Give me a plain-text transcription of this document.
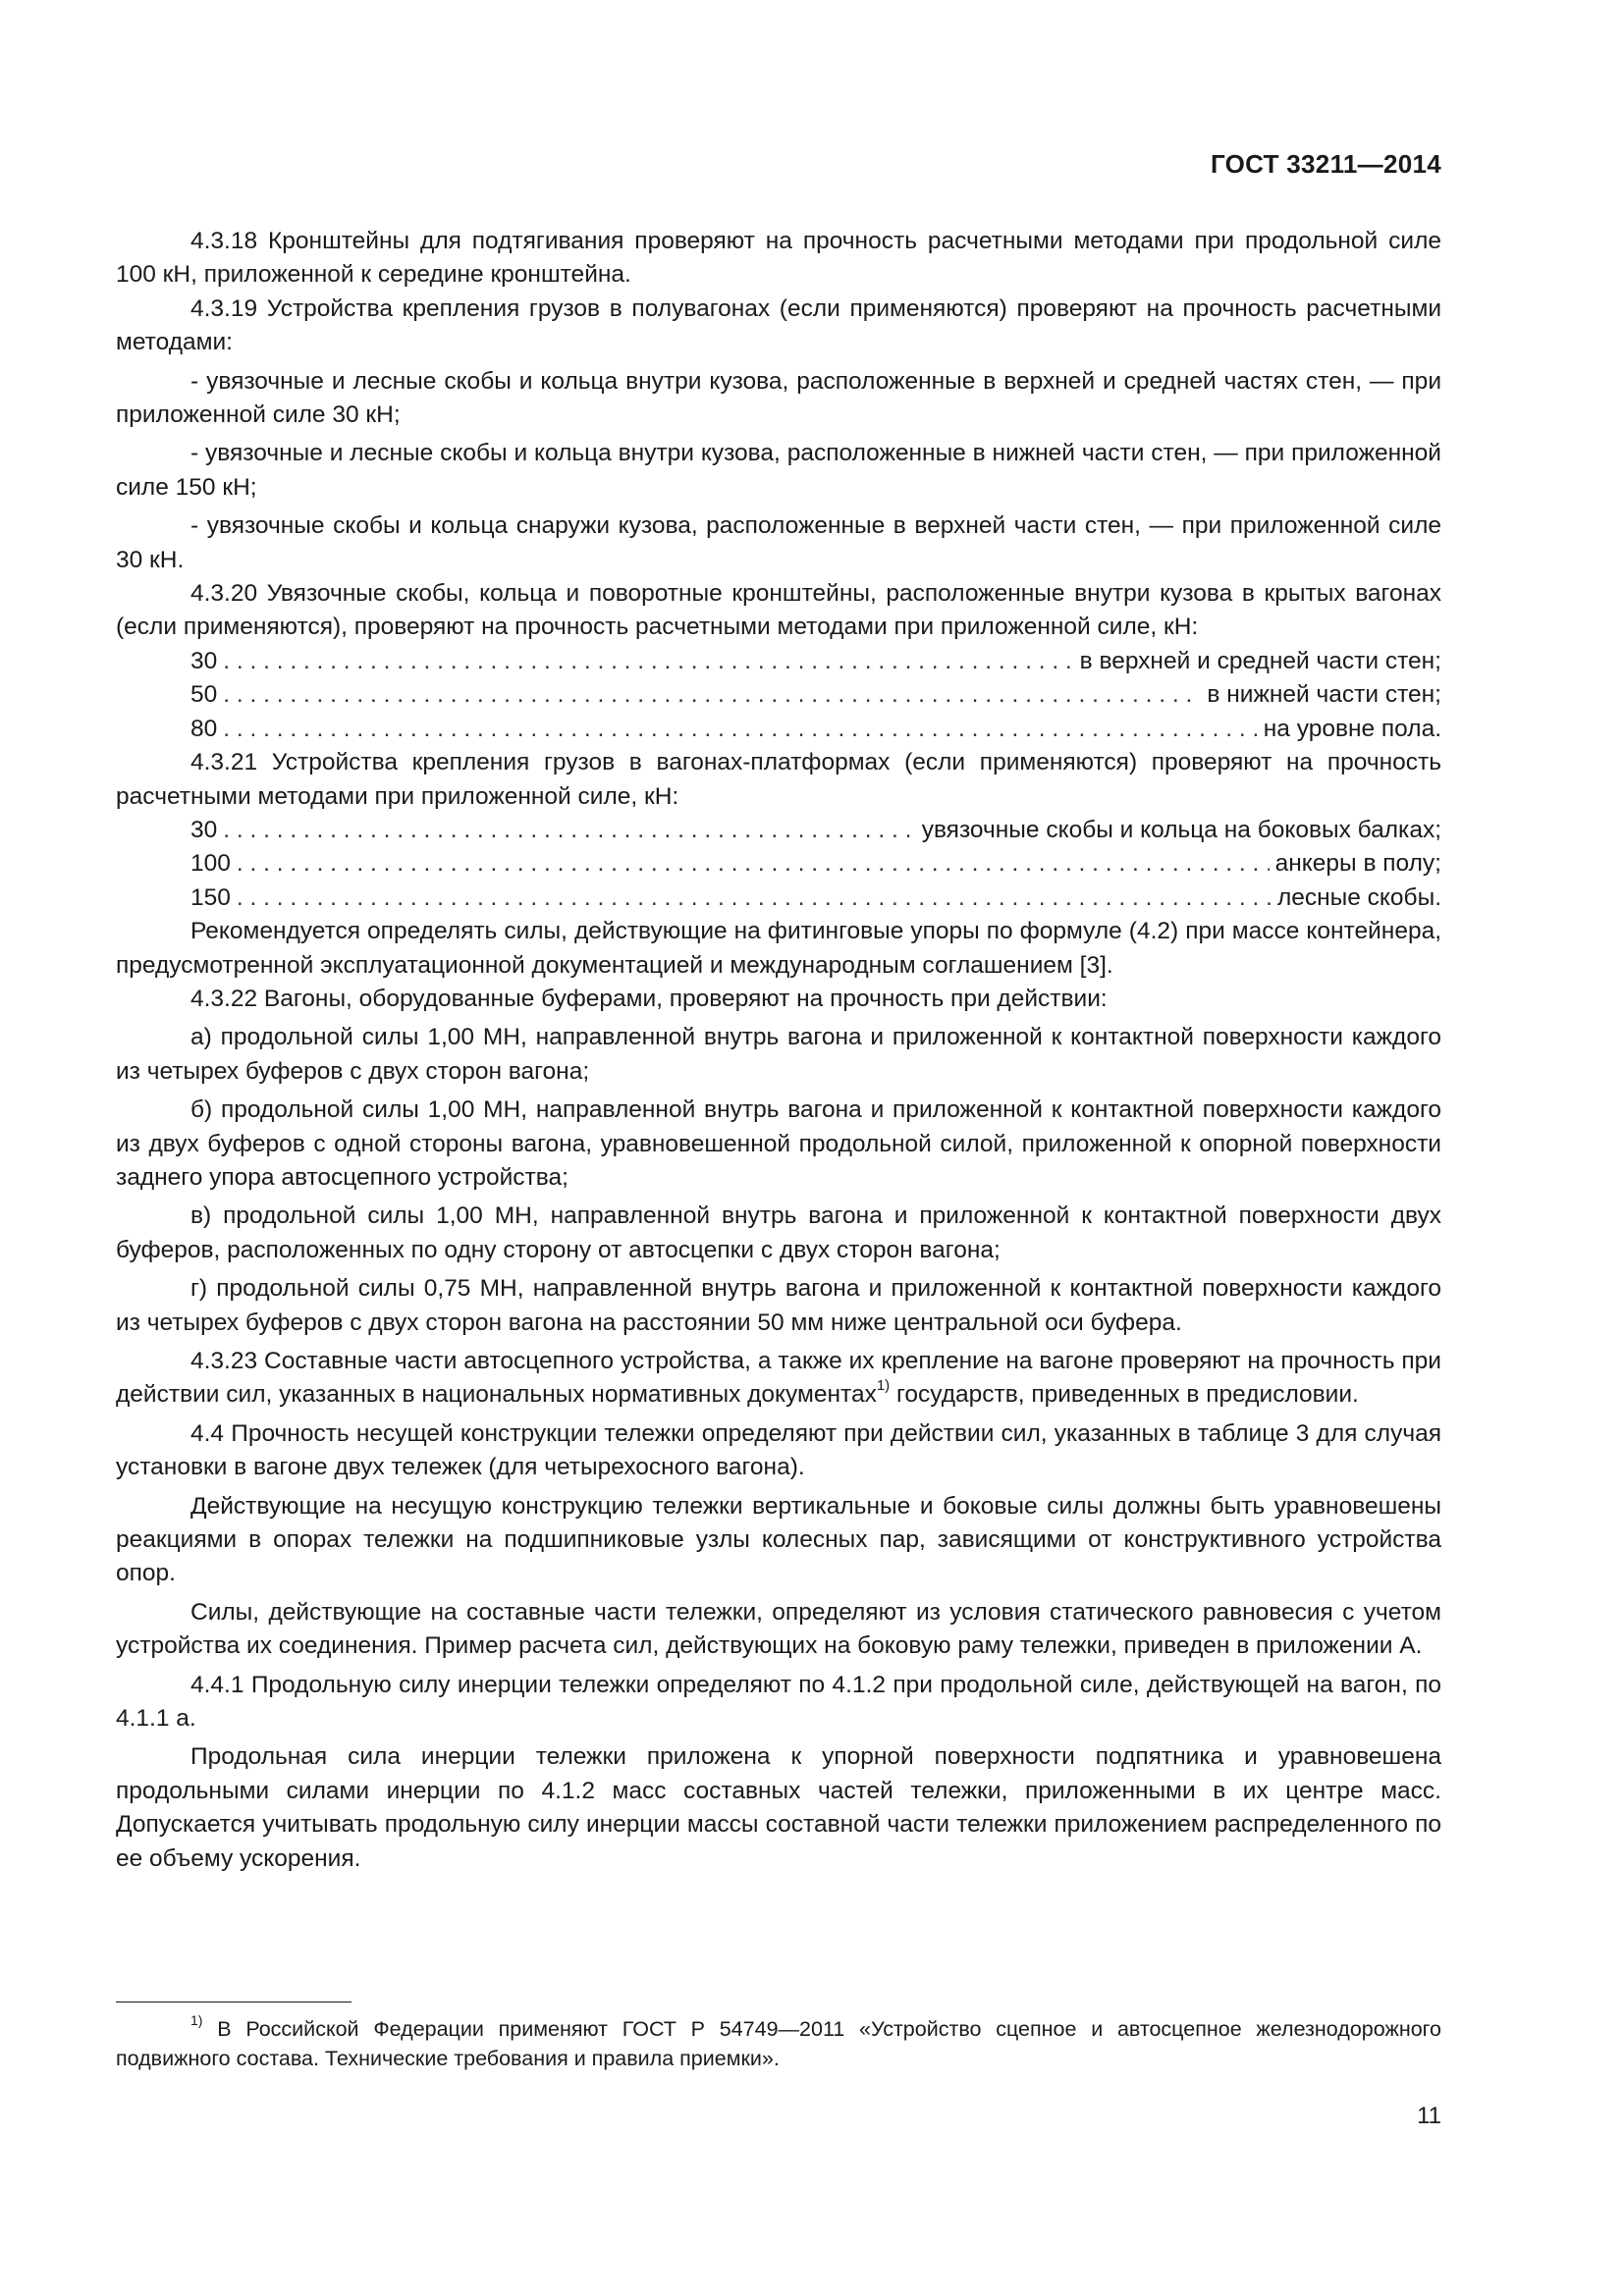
ГОСТ 33211—2014

4.3.18 Кронштейны для подтягивания проверяют на прочность расчетными методами при продольной силе 100 кН, приложенной к середине кронштейна.

4.3.19 Устройства крепления грузов в полувагонах (если применяются) проверяют на прочность расчетными методами:

- увязочные и лесные скобы и кольца внутри кузова, расположенные в верхней и средней частях стен, — при приложенной силе 30 кН;

- увязочные и лесные скобы и кольца внутри кузова, расположенные в нижней части стен, — при приложенной силе 150 кН;

- увязочные скобы и кольца снаружи кузова, расположенные в верхней части стен, — при приложенной силе 30 кН.

4.3.20 Увязочные скобы, кольца и поворотные кронштейны, расположенные внутри кузова в крытых вагонах (если применяются), проверяют на прочность расчетными методами при приложенной силе, кН:

30 . . .	в верхней и средней части стен;
50 . . .	в нижней части стен;
80 . . .	на уровне пола.

4.3.21 Устройства крепления грузов в вагонах-платформах (если применяются) проверяют на прочность расчетными методами при приложенной силе, кН:

30 . . .	увязочные скобы и кольца на боковых балках;
100 . . .	анкеры в полу;
150 . . .	лесные скобы.

Рекомендуется определять силы, действующие на фитинговые упоры по формуле (4.2) при массе контейнера, предусмотренной эксплуатационной документацией и международным соглашением [3].

4.3.22 Вагоны, оборудованные буферами, проверяют на прочность при действии:

а) продольной силы 1,00 МН, направленной внутрь вагона и приложенной к контактной поверхности каждого из четырех буферов с двух сторон вагона;

б) продольной силы 1,00 МН, направленной внутрь вагона и приложенной к контактной поверхности каждого из двух буферов с одной стороны вагона, уравновешенной продольной силой, приложенной к опорной поверхности заднего упора автосцепного устройства;

в) продольной силы 1,00 МН, направленной внутрь вагона и приложенной к контактной поверхности двух буферов, расположенных по одну сторону от автосцепки с двух сторон вагона;

г) продольной силы 0,75 МН, направленной внутрь вагона и приложенной к контактной поверхности каждого из четырех буферов с двух сторон вагона на расстоянии 50 мм ниже центральной оси буфера.

4.3.23 Составные части автосцепного устройства, а также их крепление на вагоне проверяют на прочность при действии сил, указанных в национальных нормативных документах$^{1)}$ государств, приведенных в предисловии.

4.4 Прочность несущей конструкции тележки определяют при действии сил, указанных в таблице 3 для случая установки в вагоне двух тележек (для четырехосного вагона).

Действующие на несущую конструкцию тележки вертикальные и боковые силы должны быть уравновешены реакциями в опорах тележки на подшипниковые узлы колесных пар, зависящими от конструктивного устройства опор.

Силы, действующие на составные части тележки, определяют из условия статического равновесия с учетом устройства их соединения. Пример расчета сил, действующих на боковую раму тележки, приведен в приложении А.

4.4.1 Продольную силу инерции тележки определяют по 4.1.2 при продольной силе, действующей на вагон, по 4.1.1 а.

Продольная сила инерции тележки приложена к упорной поверхности подпятника и уравновешена продольными силами инерции по 4.1.2 масс составных частей тележки, приложенными в их центре масс. Допускается учитывать продольную силу инерции массы составной части тележки приложением распределенного по ее объему ускорения.

$^{1)}$ В Российской Федерации применяют ГОСТ Р 54749—2011 «Устройство сцепное и автосцепное железнодорожного подвижного состава. Технические требования и правила приемки».

11
